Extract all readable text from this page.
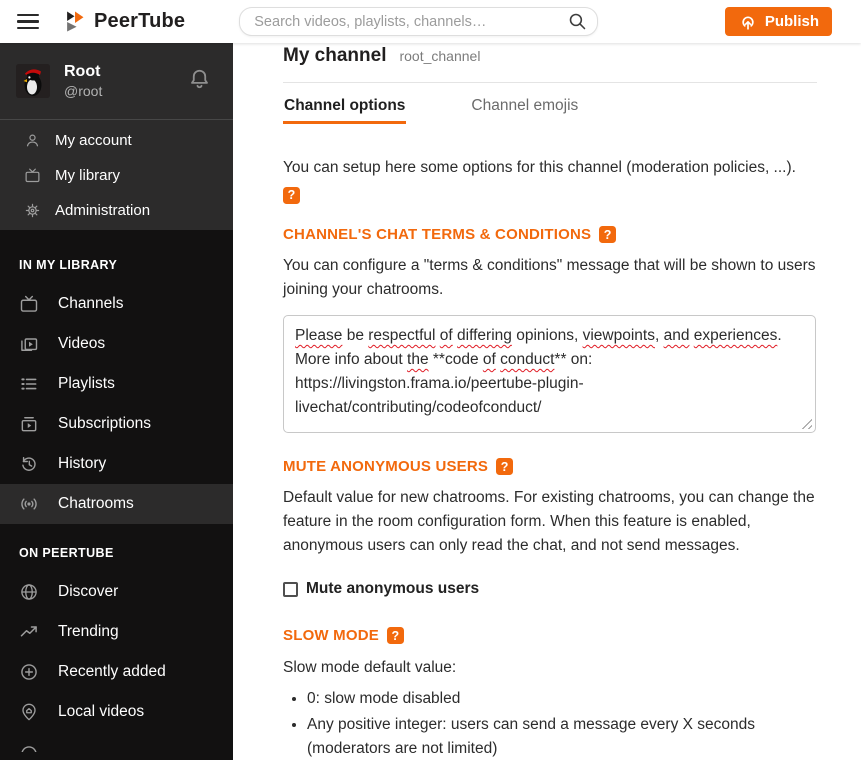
PeerTube
Search videos, playlists, channels…	Publish
Root
@root
My account
My library
Administration
IN MY LIBRARY
Channels
Videos
Playlists
Subscriptions
History
Chatrooms
ON PEERTUBE
Discover
Trending
Recently added
Local videos
My channel root_channel
Channel options	Channel emojis

You can setup here some options for this channel (moderation policies, ...). ?

CHANNEL'S CHAT TERMS & CONDITIONS	?

You can configure a "terms & conditions" message that will be shown to users joining your chatrooms.

Please be respectful of differing opinions, viewpoints, and experiences.
More info about the **code of conduct** on: https://livingston.frama.io/peertube-plugin-livechat/contributing/codeofconduct/
MUTE ANONYMOUS USERS	?

Default value for new chatrooms. For existing chatrooms, you can change the feature in the room configuration form. When this feature is enabled, anonymous users can only read the chat, and not send messages.

Mute anonymous users
SLOW MODE	?

Slow mode default value:

• 0: slow mode disabled
• Any positive integer: users can send a message every X seconds (moderators are not limited)
